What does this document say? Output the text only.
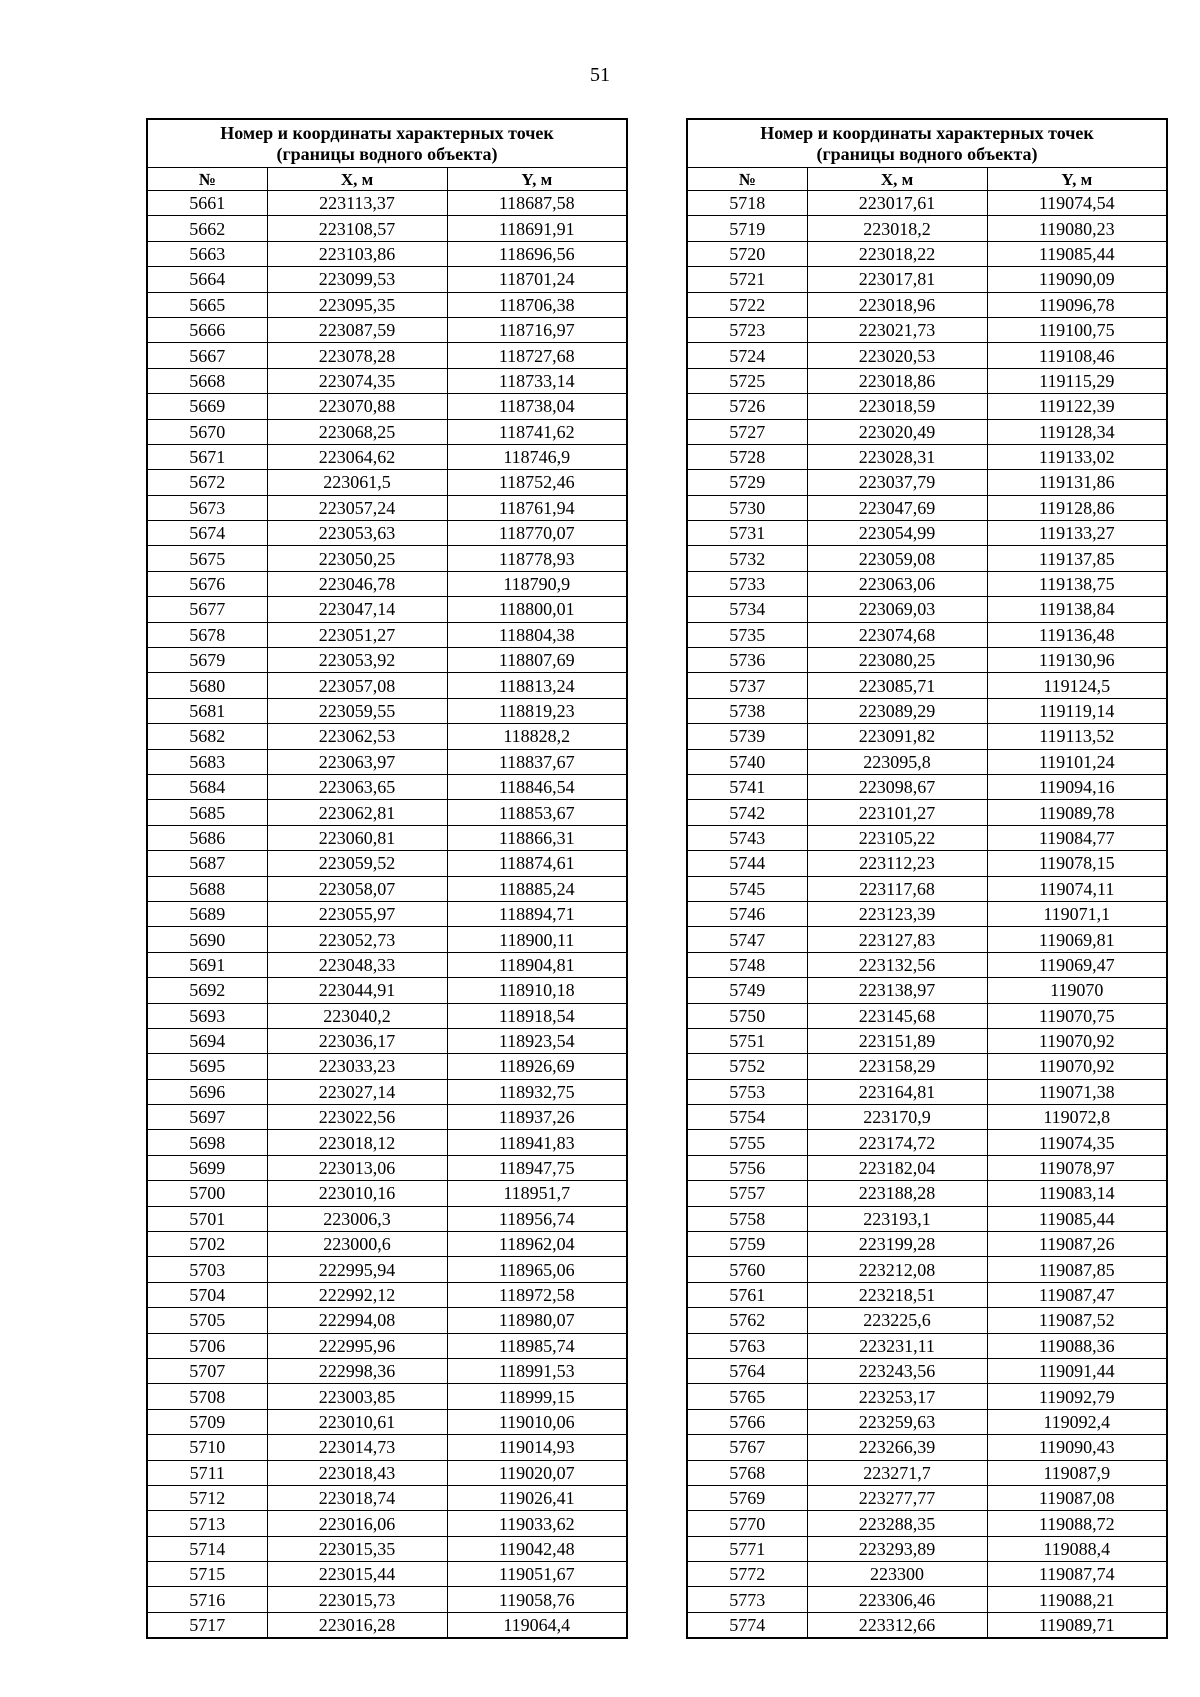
51
Номер и координаты характерных точек
(границы водного объекта)		

№	X, м	Y, м
5661	223113,37	118687,58
5662	223108,57	118691,91
5663	223103,86	118696,56
5664	223099,53	118701,24
5665	223095,35	118706,38
5666	223087,59	118716,97
5667	223078,28	118727,68
5668	223074,35	118733,14
5669	223070,88	118738,04
5670	223068,25	118741,62
5671	223064,62	118746,9
5672	223061,5	118752,46
5673	223057,24	118761,94
5674	223053,63	118770,07
5675	223050,25	118778,93
5676	223046,78	118790,9
5677	223047,14	118800,01
5678	223051,27	118804,38
5679	223053,92	118807,69
5680	223057,08	118813,24
5681	223059,55	118819,23
5682	223062,53	118828,2
5683	223063,97	118837,67
5684	223063,65	118846,54
5685	223062,81	118853,67
5686	223060,81	118866,31
5687	223059,52	118874,61
5688	223058,07	118885,24
5689	223055,97	118894,71
5690	223052,73	118900,11
5691	223048,33	118904,81
5692	223044,91	118910,18
5693	223040,2	118918,54
5694	223036,17	118923,54
5695	223033,23	118926,69
5696	223027,14	118932,75
5697	223022,56	118937,26
5698	223018,12	118941,83
5699	223013,06	118947,75
5700	223010,16	118951,7
5701	223006,3	118956,74
5702	223000,6	118962,04
5703	222995,94	118965,06
5704	222992,12	118972,58
5705	222994,08	118980,07
5706	222995,96	118985,74
5707	222998,36	118991,53
5708	223003,85	118999,15
5709	223010,61	119010,06
5710	223014,73	119014,93
5711	223018,43	119020,07
5712	223018,74	119026,41
5713	223016,06	119033,62
5714	223015,35	119042,48
5715	223015,44	119051,67
5716	223015,73	119058,76
5717	223016,28	119064,4
Номер и координаты характерных точек
(границы водного объекта)		

№	X, м	Y, м
5718	223017,61	119074,54
5719	223018,2	119080,23
5720	223018,22	119085,44
5721	223017,81	119090,09
5722	223018,96	119096,78
5723	223021,73	119100,75
5724	223020,53	119108,46
5725	223018,86	119115,29
5726	223018,59	119122,39
5727	223020,49	119128,34
5728	223028,31	119133,02
5729	223037,79	119131,86
5730	223047,69	119128,86
5731	223054,99	119133,27
5732	223059,08	119137,85
5733	223063,06	119138,75
5734	223069,03	119138,84
5735	223074,68	119136,48
5736	223080,25	119130,96
5737	223085,71	119124,5
5738	223089,29	119119,14
5739	223091,82	119113,52
5740	223095,8	119101,24
5741	223098,67	119094,16
5742	223101,27	119089,78
5743	223105,22	119084,77
5744	223112,23	119078,15
5745	223117,68	119074,11
5746	223123,39	119071,1
5747	223127,83	119069,81
5748	223132,56	119069,47
5749	223138,97	119070
5750	223145,68	119070,75
5751	223151,89	119070,92
5752	223158,29	119070,92
5753	223164,81	119071,38
5754	223170,9	119072,8
5755	223174,72	119074,35
5756	223182,04	119078,97
5757	223188,28	119083,14
5758	223193,1	119085,44
5759	223199,28	119087,26
5760	223212,08	119087,85
5761	223218,51	119087,47
5762	223225,6	119087,52
5763	223231,11	119088,36
5764	223243,56	119091,44
5765	223253,17	119092,79
5766	223259,63	119092,4
5767	223266,39	119090,43
5768	223271,7	119087,9
5769	223277,77	119087,08
5770	223288,35	119088,72
5771	223293,89	119088,4
5772	223300	119087,74
5773	223306,46	119088,21
5774	223312,66	119089,71
